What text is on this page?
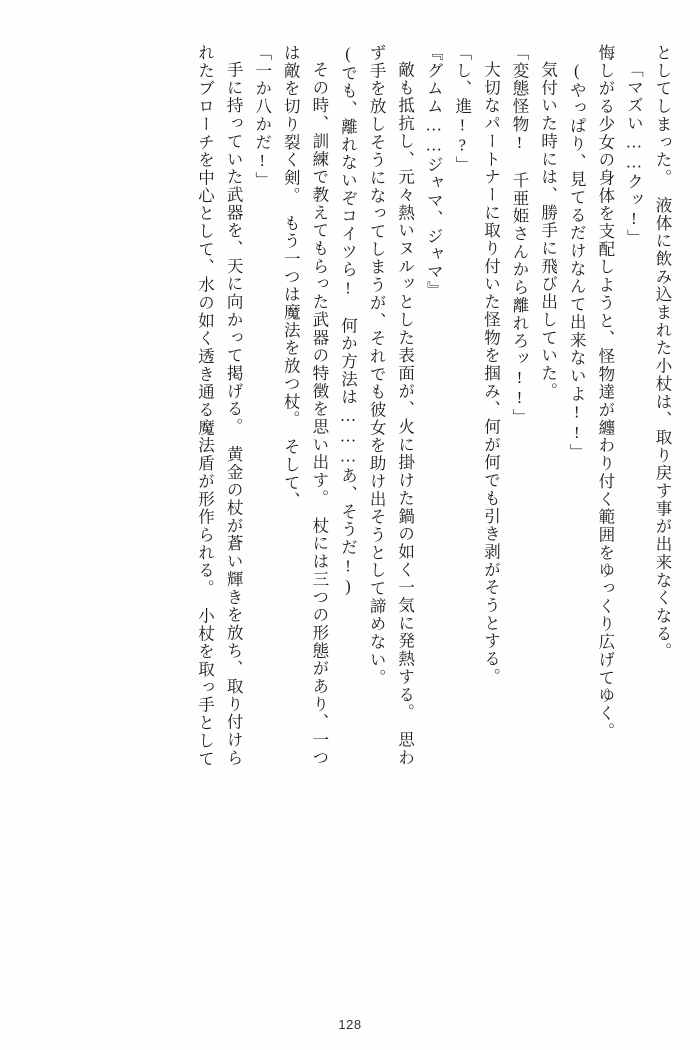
としてしまった。　液体に飲み込まれた小杖は、取り戻す事が出来なくなる。
「マズい……クッ!」
悔しがる少女の身体を支配しようと、怪物達が纏わり付く範囲をゆっくり広げてゆく。
(やっぱり、見てるだけなんて出来ないよ!!」
気付いた時には、勝手に飛び出していた。
「変態怪物!　千亜姫さんから離れろッ!!」
大切なパートナーに取り付いた怪物を掴み、何が何でも引き剥がそうとする。
「し、進!?」
『グムム……ジャマ、ジャマ』
敵も抵抗し、元々熱いヌルッとした表面が、火に掛けた鍋の如く一気に発熱する。　思わ
ず手を放しそうになってしまうが、それでも彼女を助け出そうとして諦めない。
(でも、離れないぞコイツら!　何か方法は………あ、そうだ!)
その時、訓練で教えてもらった武器の特徴を思い出す。　杖には三つの形態があり、一つ
は敵を切り裂く剣。　もう一つは魔法を放つ杖。　そして、
「一か八かだ!」
手に持っていた武器を、天に向かって掲げる。　黄金の杖が蒼い輝きを放ち、取り付けら
れたブローチを中心として、水の如く透き通る魔法盾が形作られる。　小杖を取っ手として
128
